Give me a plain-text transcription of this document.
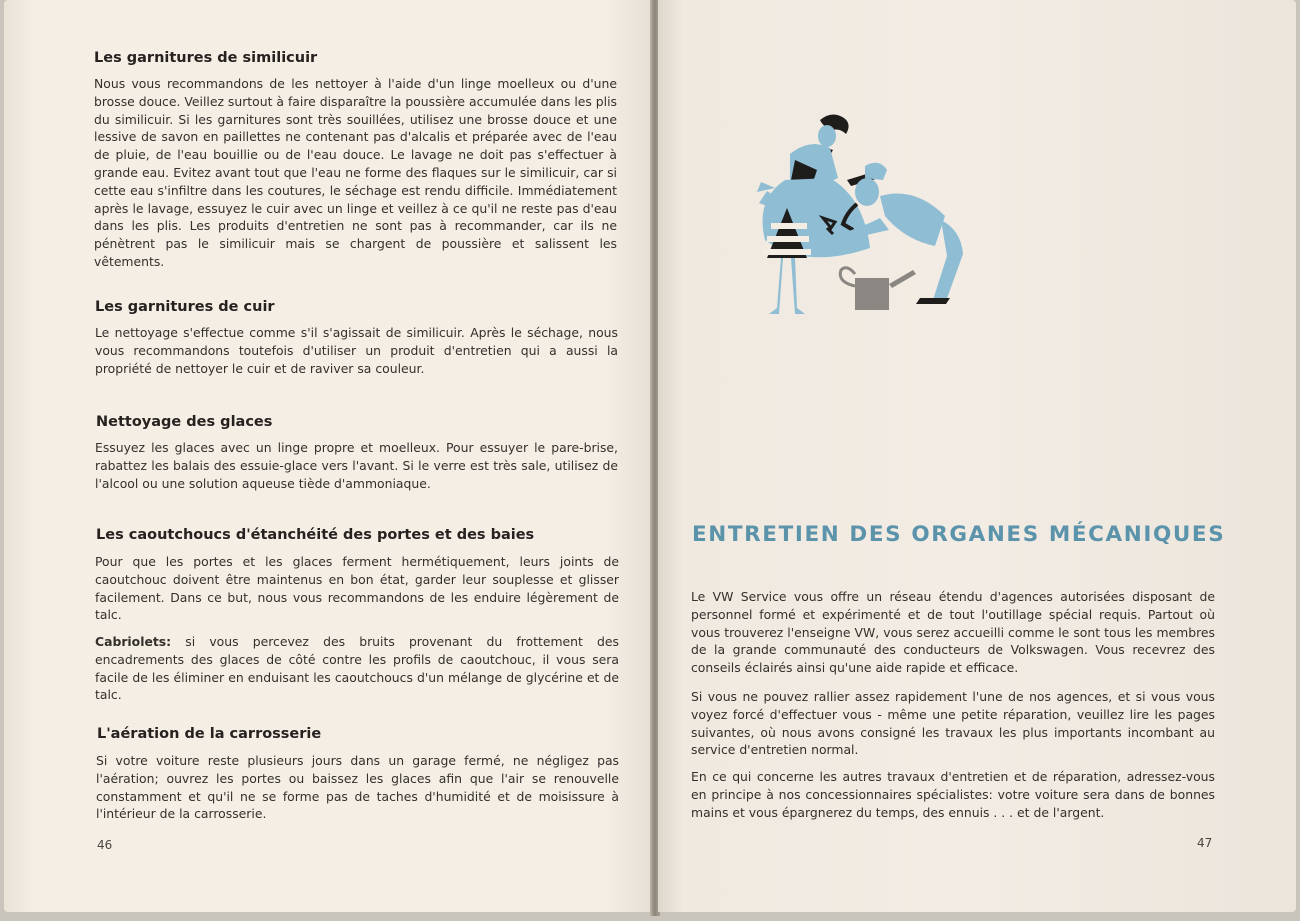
Les garnitures de similicuir

Nous vous recommandons de les nettoyer à l'aide d'un linge moelleux ou d'une brosse douce. Veillez surtout à faire disparaître la poussière accumulée dans les plis du similicuir. Si les garnitures sont très souillées, utilisez une brosse douce et une lessive de savon en paillettes ne contenant pas d'alcalis et préparée avec de l'eau de pluie, de l'eau bouillie ou de l'eau douce. Le lavage ne doit pas s'effectuer à grande eau. Evitez avant tout que l'eau ne forme des flaques sur le similicuir, car si cette eau s'infiltre dans les coutures, le séchage est rendu difficile. Immédiatement après le lavage, essuyez le cuir avec un linge et veillez à ce qu'il ne reste pas d'eau dans les plis. Les produits d'entretien ne sont pas à recommander, car ils ne pénètrent pas le similicuir mais se chargent de poussière et salissent les vêtements.

Les garnitures de cuir

Le nettoyage s'effectue comme s'il s'agissait de similicuir. Après le séchage, nous vous recommandons toutefois d'utiliser un produit d'entretien qui a aussi la propriété de nettoyer le cuir et de raviver sa couleur.

Nettoyage des glaces

Essuyez les glaces avec un linge propre et moelleux. Pour essuyer le pare-brise, rabattez les balais des essuie-glace vers l'avant. Si le verre est très sale, utilisez de l'alcool ou une solution aqueuse tiède d'ammoniaque.

Les caoutchoucs d'étanchéité des portes et des baies

Pour que les portes et les glaces ferment hermétiquement, leurs joints de caoutchouc doivent être maintenus en bon état, garder leur souplesse et glisser facilement. Dans ce but, nous vous recommandons de les enduire légèrement de talc.

Cabriolets: si vous percevez des bruits provenant du frottement des encadrements des glaces de côté contre les profils de caoutchouc, il vous sera facile de les éliminer en enduisant les caoutchoucs d'un mélange de glycérine et de talc.

L'aération de la carrosserie

Si votre voiture reste plusieurs jours dans un garage fermé, ne négligez pas l'aération; ouvrez les portes ou baissez les glaces afin que l'air se renouvelle constamment et qu'il ne se forme pas de taches d'humidité et de moisissure à l'intérieur de la carrosserie.

46

ENTRETIEN DES ORGANES MÉCANIQUES

Le VW Service vous offre un réseau étendu d'agences autorisées disposant de personnel formé et expérimenté et de tout l'outillage spécial requis. Partout où vous trouverez l'enseigne VW, vous serez accueilli comme le sont tous les membres de la grande communauté des conducteurs de Volkswagen. Vous recevrez des conseils éclairés ainsi qu'une aide rapide et efficace.

Si vous ne pouvez rallier assez rapidement l'une de nos agences, et si vous vous voyez forcé d'effectuer vous - même une petite réparation, veuillez lire les pages suivantes, où nous avons consigné les travaux les plus importants incombant au service d'entretien normal.

En ce qui concerne les autres travaux d'entretien et de réparation, adressez-vous en principe à nos concessionnaires spécialistes: votre voiture sera dans de bonnes mains et vous épargnerez du temps, des ennuis . . . et de l'argent.

47
